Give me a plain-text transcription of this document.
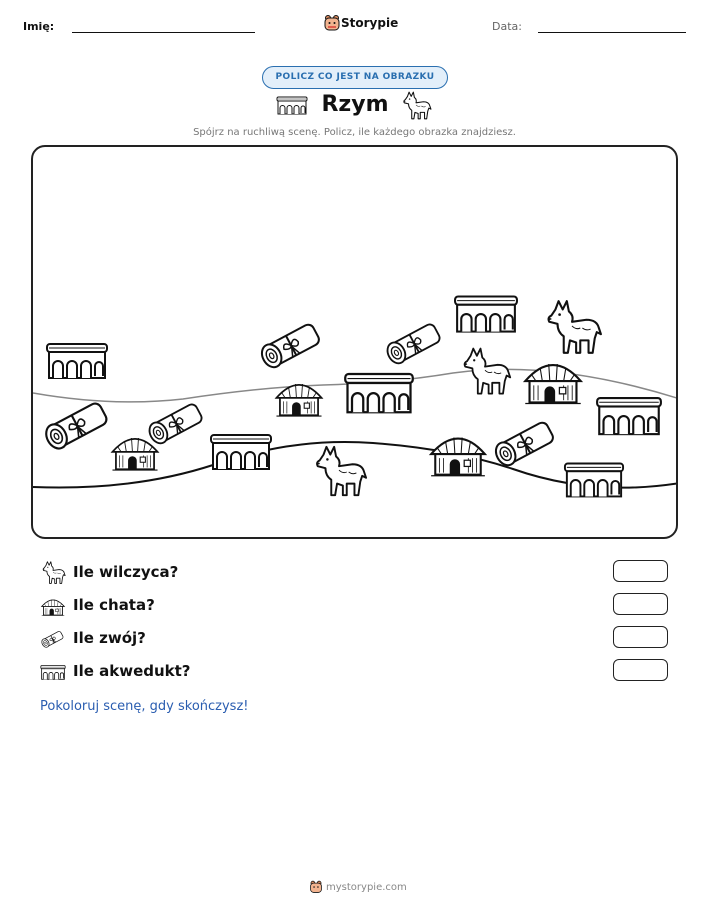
Imię:	Storypie	Data:
POLICZ CO JEST NA OBRAZKU
Rzym
Spójrz na ruchliwą scenę. Policz, ile każdego obrazka znajdziesz.
Ile wilczyca?
Ile chata?
Ile zwój?
Ile akwedukt?
Pokoloruj scenę, gdy skończysz!
mystorypie.com
